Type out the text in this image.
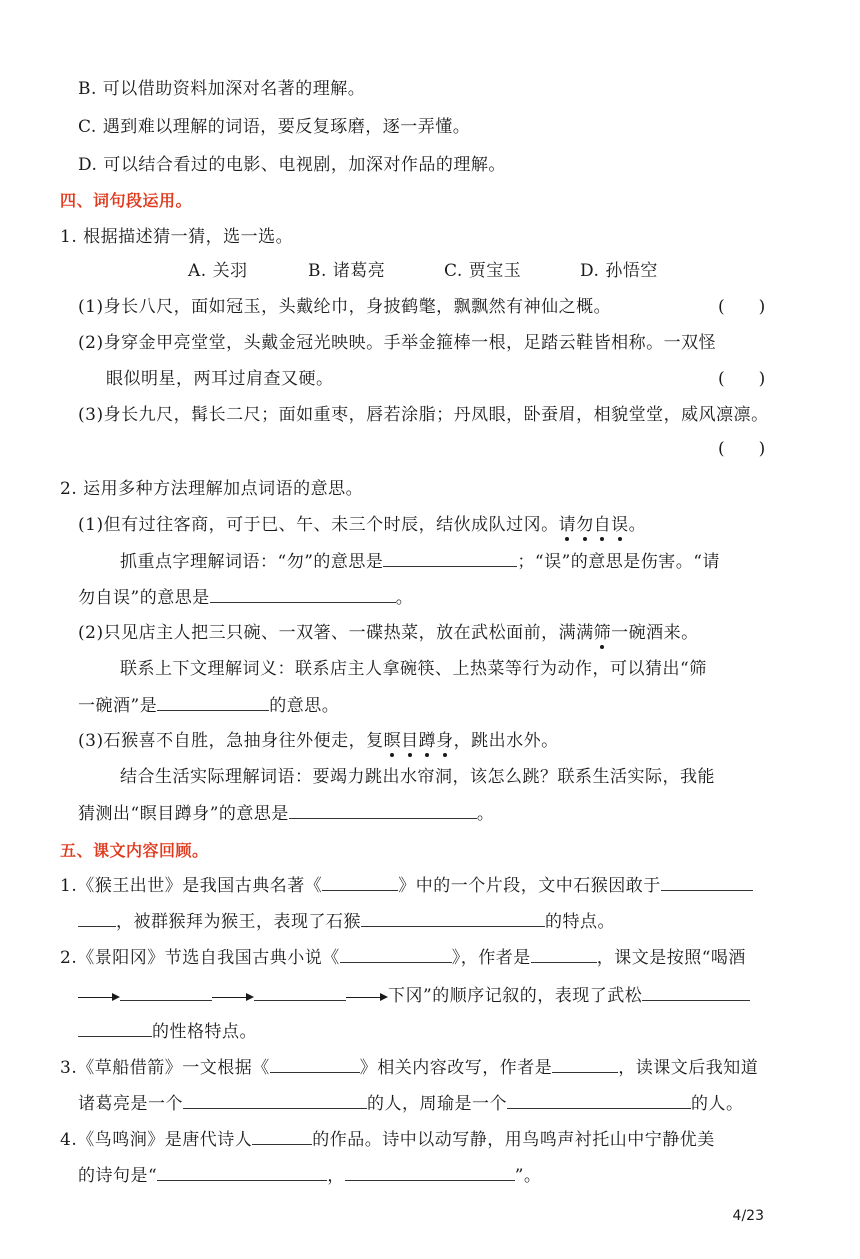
B. 可以借助资料加深对名著的理解。
C. 遇到难以理解的词语，要反复琢磨，逐一弄懂。
D. 可以结合看过的电影、电视剧，加深对作品的理解。
四、词句段运用。
1. 根据描述猜一猜，选一选。
A. 关羽	B. 诸葛亮	C. 贾宝玉	D. 孙悟空
(1)身长八尺，面如冠玉，头戴纶巾，身披鹤氅，飘飘然有神仙之概。	(　　)
(2)身穿金甲亮堂堂，头戴金冠光映映。手举金箍棒一根，足踏云鞋皆相称。一双怪
眼似明星，两耳过肩查又硬。	(　　)
(3)身长九尺，髯长二尺；面如重枣，唇若涂脂；丹凤眼，卧蚕眉，相貌堂堂，威风凛凛。
(　　)
2. 运用多种方法理解加点词语的意思。
(1)但有过往客商，可于巳、午、未三个时辰，结伙成队过冈。请勿自误。
抓重点字理解词语：“勿”的意思是	；“误”的意思是伤害。“请
勿自误”的意思是	。
(2)只见店主人把三只碗、一双箸、一碟热菜，放在武松面前，满满筛一碗酒来。
联系上下文理解词义：联系店主人拿碗筷、上热菜等行为动作，可以猜出“筛
一碗酒”是	的意思。
(3)石猴喜不自胜，急抽身往外便走，复瞑目蹲身，跳出水外。
结合生活实际理解词语：要竭力跳出水帘洞，该怎么跳？联系生活实际，我能
猜测出“瞑目蹲身”的意思是	。
五、课文内容回顾。
1.《猴王出世》是我国古典名著《	》中的一个片段，文中石猴因敢于
，被群猴拜为猴王，表现了石猴	的特点。
2.《景阳冈》节选自我国古典小说《	》，作者是	，课文是按照“喝酒
下冈”的顺序记叙的，表现了武松
的性格特点。
3.《草船借箭》一文根据《	》相关内容改写，作者是	，读课文后我知道
诸葛亮是一个	的人，周瑜是一个	的人。
4.《鸟鸣涧》是唐代诗人	的作品。诗中以动写静，用鸟鸣声衬托山中宁静优美
的诗句是“	，	”。
4/23
